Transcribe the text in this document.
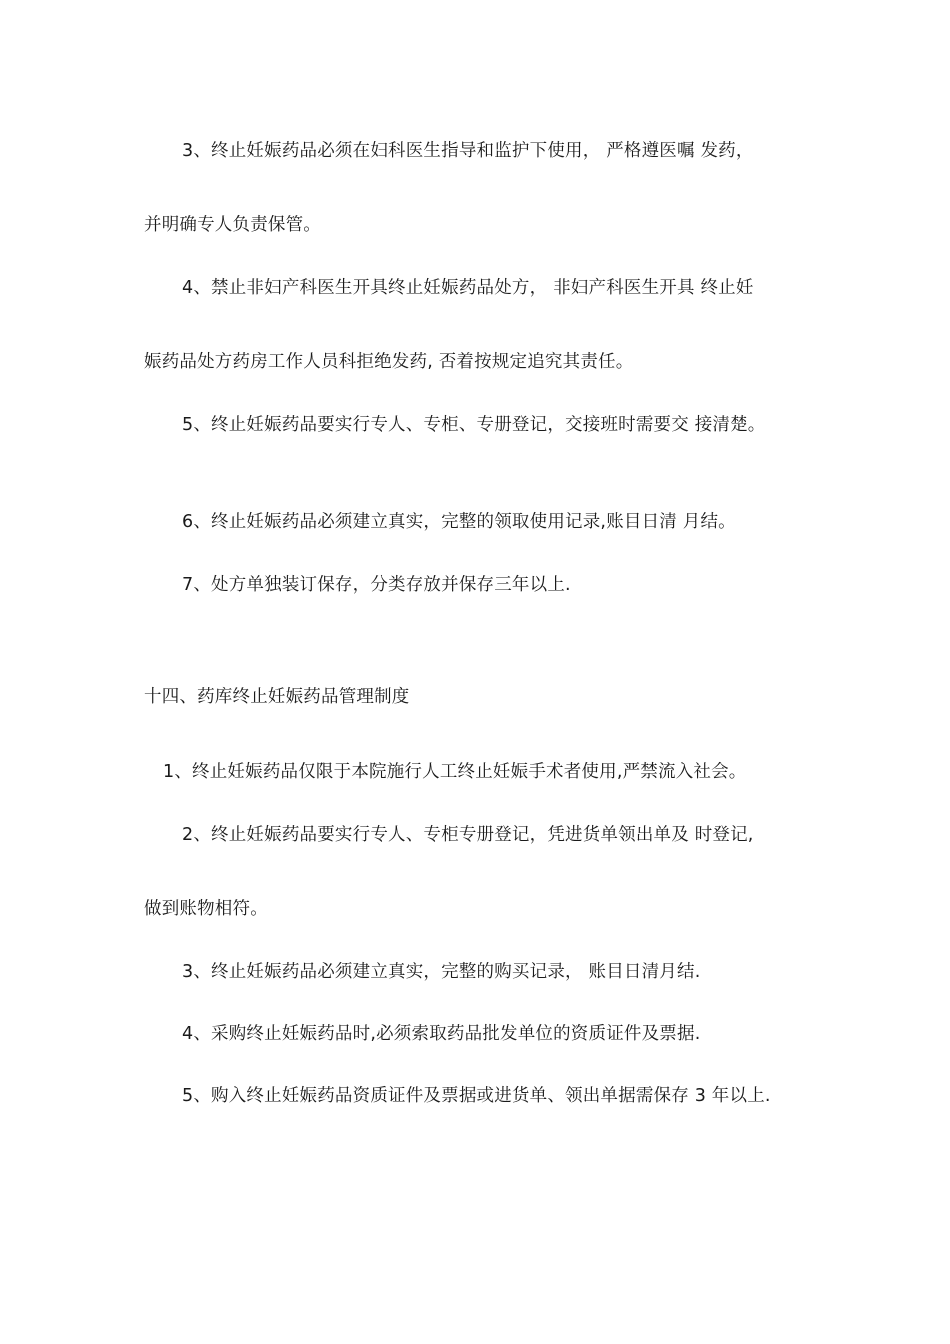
3、终止妊娠药品必须在妇科医生指导和监护下使用， 严格遵医嘱 发药，

并明确专人负责保管。

4、禁止非妇产科医生开具终止妊娠药品处方， 非妇产科医生开具 终止妊

娠药品处方药房工作人员科拒绝发药, 否着按规定追究其责任。

5、终止妊娠药品要实行专人、专柜、专册登记，交接班时需要交 接清楚。

6、终止妊娠药品必须建立真实，完整的领取使用记录,账目日清 月结。

7、处方单独装订保存，分类存放并保存三年以上.

十四、药库终止妊娠药品管理制度

1、终止妊娠药品仅限于本院施行人工终止妊娠手术者使用,严禁流入社会。

2、终止妊娠药品要实行专人、专柜专册登记，凭进货单领出单及 时登记,

做到账物相符。

3、终止妊娠药品必须建立真实，完整的购买记录， 账目日清月结.

4、采购终止妊娠药品时,必须索取药品批发单位的资质证件及票据.

5、购入终止妊娠药品资质证件及票据或进货单、领出单据需保存 3 年以上.
